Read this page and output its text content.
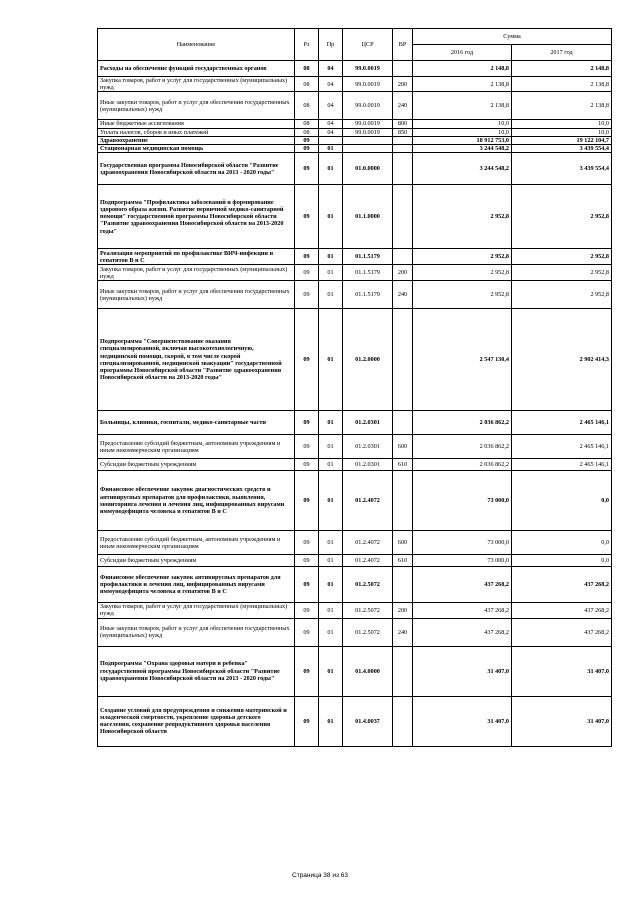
Наименование	Рз	Пр	ЦСР	ВР	Сумма	
					2016 год	2017 год
Расходы на обеспечение функций государственных органов	08	04	99.0.0019		2 148,8	2 148,8
Закупка товаров, работ и услуг для государственных (муниципальных) нужд	08	04	99.0.0019	200	2 138,8	2 138,8
Иные закупки товаров, работ и услуг для обеспечения государственных (муниципальных) нужд	08	04	99.0.0019	240	2 138,8	2 138,8
Иные бюджетные ассигнования	08	04	99.0.0019	800	10,0	10,0
Уплата налогов, сборов и иных платежей	08	04	99.0.0019	850	10,0	10,0
Здравоохранение	09				18 912 753,0	19 122 104,7
Стационарная медицинская помощь	09	01			3 244 548,2	3 439 554,4
Государственная программа Новосибирской области "Развитие здравоохранения Новосибирской области на 2013 - 2020 годы"	09	01	01.0.0000		3 244 548,2	3 439 554,4
Подпрограмма "Профилактика заболеваний и формирование здорового образа жизни. Развитие первичной медико-санитарной помощи" государственной программы Новосибирской области "Развитие здравоохранения Новосибирской области на 2013-2020 годы"	09	01	01.1.0000		2 952,8	2 952,8
Реализация мероприятий по профилактике ВИЧ-инфекции и гепатитов В и С	09	01	01.1.5179		2 952,8	2 952,8
Закупка товаров, работ и услуг для государственных (муниципальных) нужд	09	01	01.1.5179	200	2 952,8	2 952,8
Иные закупки товаров, работ и услуг для обеспечения государственных (муниципальных) нужд	09	01	01.1.5179	240	2 952,8	2 952,8
Подпрограмма "Совершенствование оказания специализированной, включая высокотехнологичную, медицинской помощи, скорой, в том числе скорой специализированной, медицинской эвакуации" государственной программы Новосибирской области "Развитие здравоохранения Новосибирской области на 2013-2020 годы"	09	01	01.2.0000		2 547 130,4	2 902 414,3
Больницы, клиники, госпитали, медико-санитарные части	09	01	01.2.0301		2 036 862,2	2 465 146,1
Предоставление субсидий бюджетным, автономным учреждениям и иным некоммерческим организациям	09	01	01.2.0301	600	2 036 862,2	2 465 146,1
Субсидии бюджетным учреждениям	09	01	01.2.0301	610	2 036 862,2	2 465 146,1
Финансовое обеспечение закупок диагностических средств и антивирусных препаратов для профилактики, выявления, мониторинга лечения и лечения лиц, инфицированных вирусами иммунодефицита человека и гепатитов В и С	09	01	01.2.4072		73 000,0	0,0
Предоставление субсидий бюджетным, автономным учреждениям и иным некоммерческим организациям	09	01	01.2.4072	600	73 000,0	0,0
Субсидии бюджетным учреждениям	09	01	01.2.4072	610	73 000,0	0,0
Финансовое обеспечение закупок антивирусных препаратов для профилактики и лечения лиц, инфицированных вирусами иммунодефицита человека и гепатитов В и С	09	01	01.2.5072		437 268,2	437 268,2
Закупка товаров, работ и услуг для государственных (муниципальных) нужд	09	01	01.2.5072	200	437 268,2	437 268,2
Иные закупки товаров, работ и услуг для обеспечения государственных (муниципальных) нужд	09	01	01.2.5072	240	437 268,2	437 268,2
Подпрограмма "Охрана здоровья матери и ребенка" государственной программы Новосибирской области "Развитие здравоохранения Новосибирской области на 2013 - 2020 годы"	09	01	01.4.0000		31 407,0	31 407,0
Создание условий для предупреждения и снижения материнской и младенческой смертности, укрепление здоровья детского населения, сохранение репродуктивного здоровья населения Новосибирской области	09	01	01.4.0037		31 407,0	31 407,0
Страница 38 из 63
